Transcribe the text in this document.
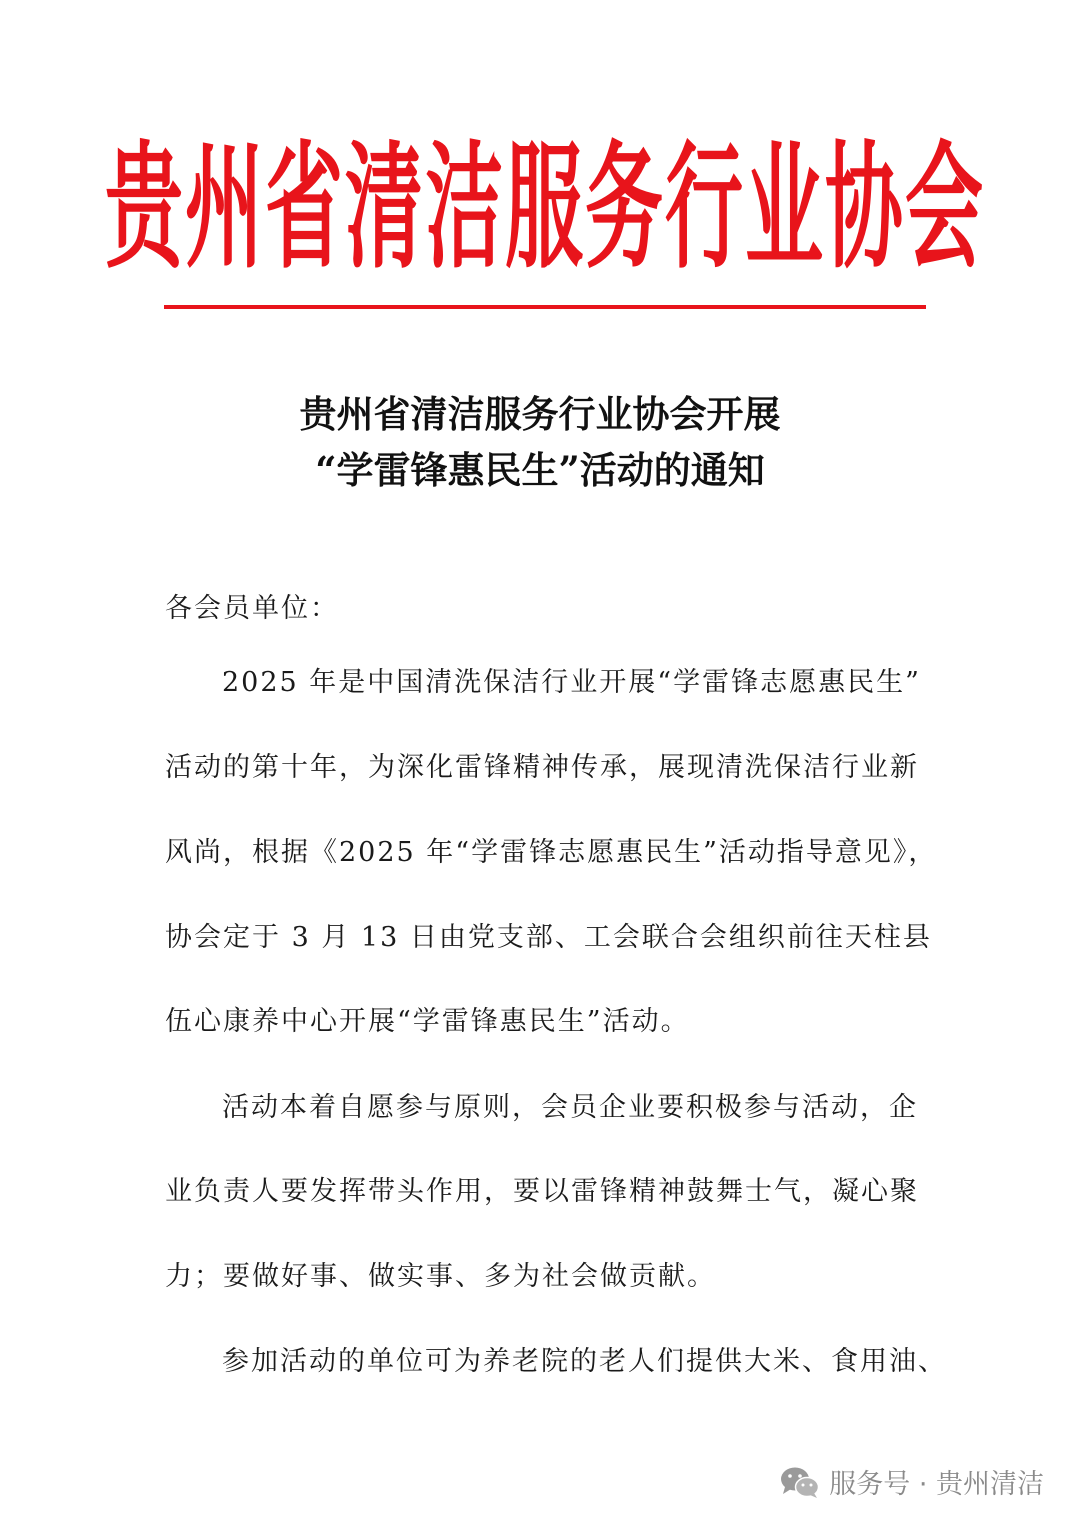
贵州省清洁服务行业协会
贵州省清洁服务行业协会开展
“学雷锋惠民生”活动的通知
各会员单位：
2025 年是中国清洗保洁行业开展“学雷锋志愿惠民生”
活动的第十年，为深化雷锋精神传承，展现清洗保洁行业新
风尚，根据《2025 年“学雷锋志愿惠民生”活动指导意见》，
协会定于 3 月 13 日由党支部、工会联合会组织前往天柱县
伍心康养中心开展“学雷锋惠民生”活动。
活动本着自愿参与原则，会员企业要积极参与活动，企
业负责人要发挥带头作用，要以雷锋精神鼓舞士气，凝心聚
力；要做好事、做实事、多为社会做贡献。
参加活动的单位可为养老院的老人们提供大米、食用油、
服务号 · 贵州清洁
